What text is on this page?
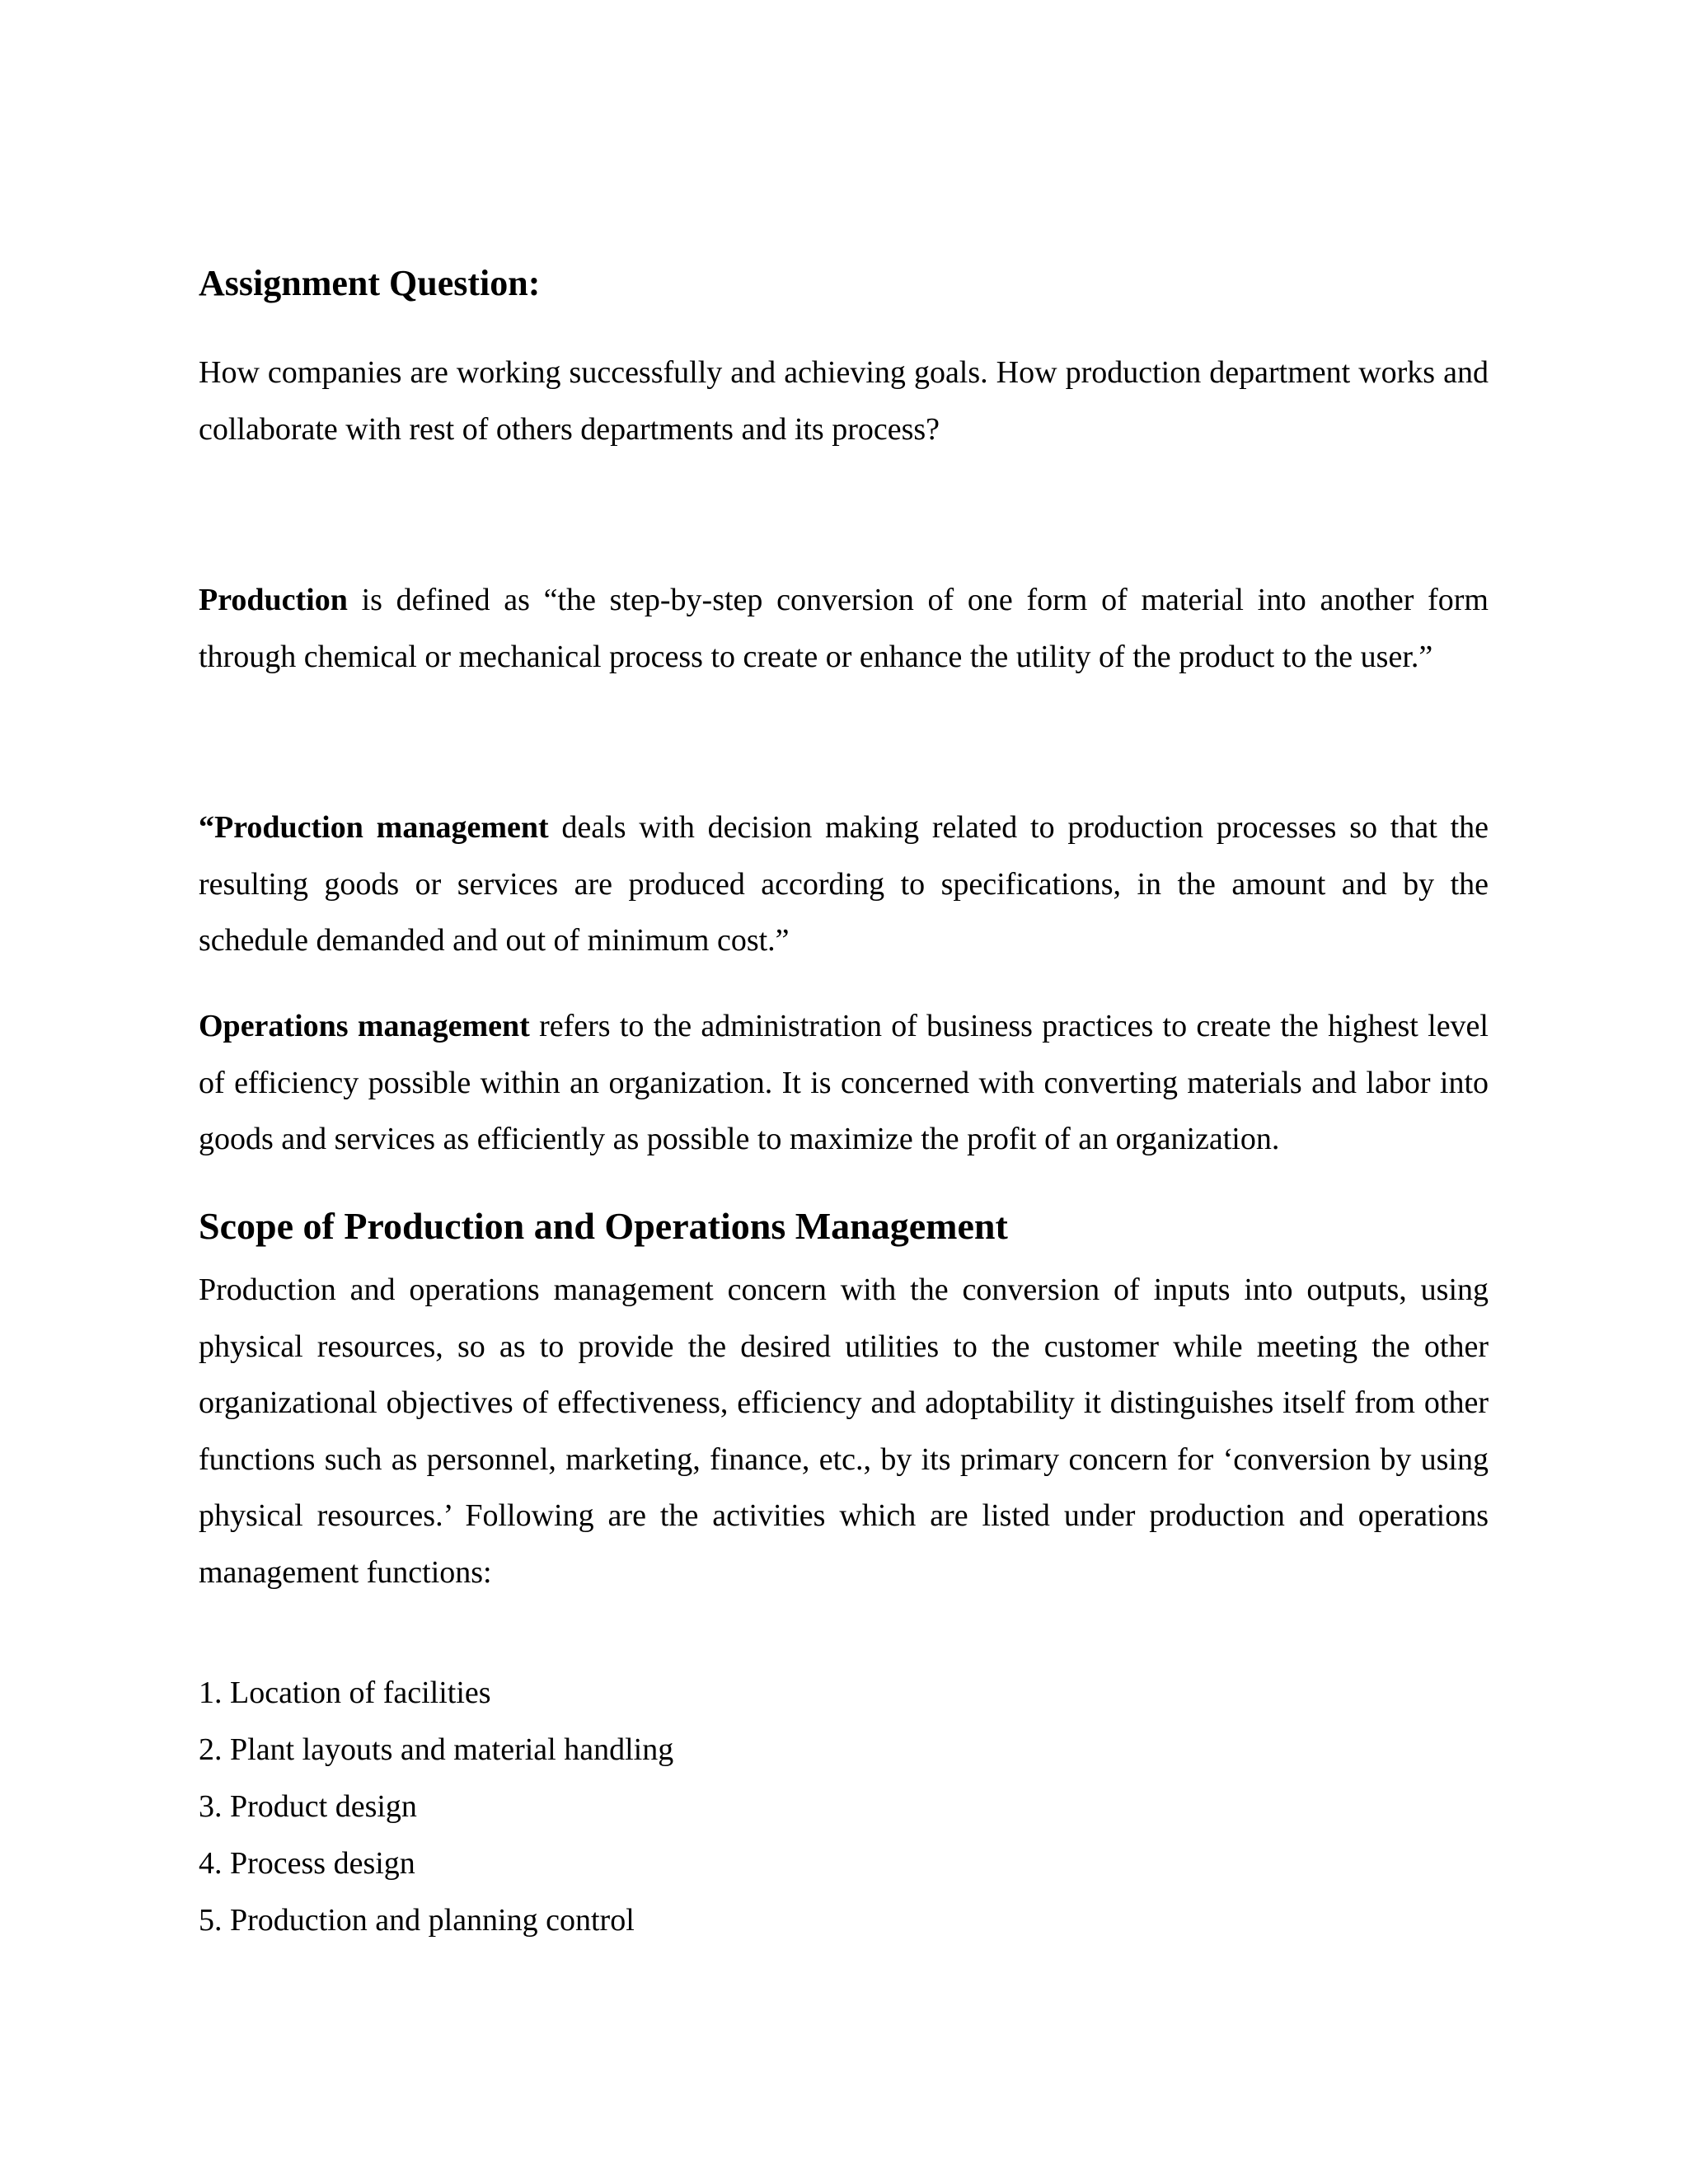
Assignment Question:

How companies are working successfully and achieving goals. How production department works and collaborate with rest of others departments and its process?

Production is defined as “the step-by-step conversion of one form of material into another form through chemical or mechanical process to create or enhance the utility of the product to the user.”

“Production management deals with decision making related to production processes so that the resulting goods or services are produced according to specifications, in the amount and by the schedule demanded and out of minimum cost.”

Operations management refers to the administration of business practices to create the highest level of efficiency possible within an organization. It is concerned with converting materials and labor into goods and services as efficiently as possible to maximize the profit of an organization.

Scope of Production and Operations Management

Production and operations management concern with the conversion of inputs into outputs, using physical resources, so as to provide the desired utilities to the customer while meeting the other organizational objectives of effectiveness, efficiency and adoptability it distinguishes itself from other functions such as personnel, marketing, finance, etc., by its primary concern for ‘conversion by using physical resources.’ Following are the activities which are listed under production and operations management functions:

1. Location of facilities
2. Plant layouts and material handling
3. Product design
4. Process design
5. Production and planning control
